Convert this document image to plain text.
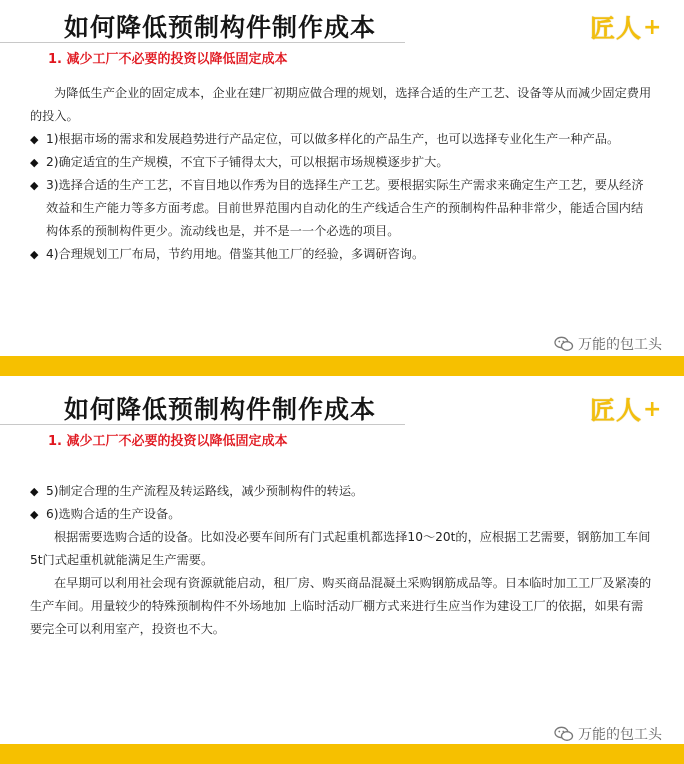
如何降低预制构件制作成本	匠人 +
1. 减少工厂不必要的投资以降低固定成本

为降低生产企业的固定成本，企业在建厂初期应做合理的规划，选择合适的生产工艺、设备等从而减少固定费用的投入。

◆ 1)根据市场的需求和发展趋势进行产品定位，可以做多样化的产品生产，也可以选择专业化生产一种产品。

◆ 2)确定适宜的生产规模，不宜下子铺得太大，可以根据市场规模逐步扩大。

◆ 3)选择合适的生产工艺，不盲目地以作秀为目的选择生产工艺。要根据实际生产需求来确定生产工艺，要从经济效益和生产能力等多方面考虑。目前世界范围内自动化的生产线适合生产的预制构件品种非常少，能适合国内结构体系的预制构件更少。流动线也是，并不是一一个必选的项目。

◆ 4)合理规划工厂布局，节约用地。借鉴其他工厂的经验，多调研咨询。

万能的包工头
如何降低预制构件制作成本	匠人 +
1. 减少工厂不必要的投资以降低固定成本

◆ 5)制定合理的生产流程及转运路线，减少预制构件的转运。

◆ 6)选购合适的生产设备。

根据需要选购合适的设备。比如没必要车间所有门式起重机都选择10～20t的，应根据工艺需要，钢筋加工车间5t门式起重机就能满足生产需要。

在早期可以利用社会现有资源就能启动，租厂房、购买商品混凝土采购钢筋成品等。日本临时加工工厂及紧凑的生产车间。用量较少的特殊预制构件不外场地加 上临时活动厂棚方式来进行生应当作为建设工厂的依据，如果有需要完全可以利用室产，投资也不大。

万能的包工头
